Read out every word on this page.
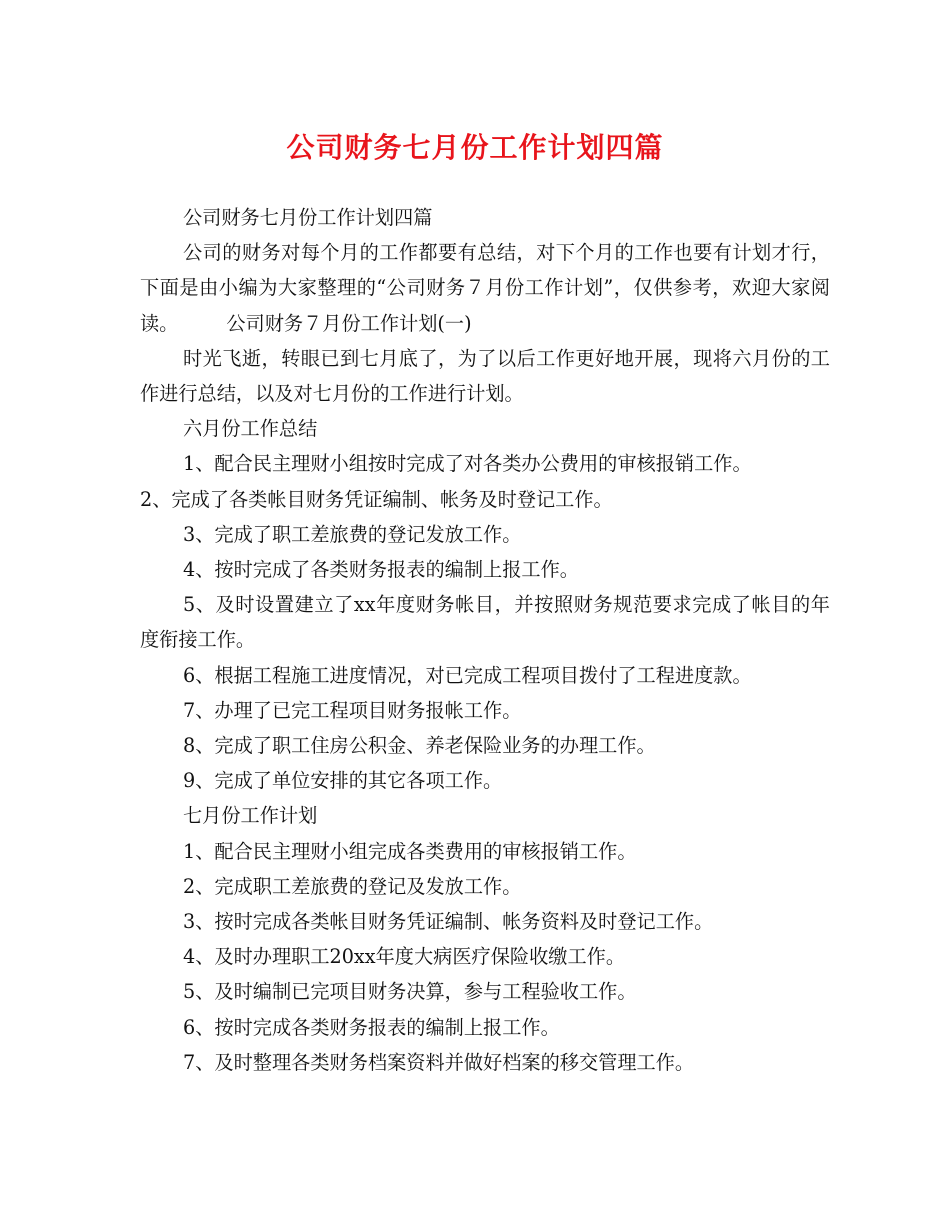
公司财务七月份工作计划四篇

公司财务七月份工作计划四篇

公司的财务对每个月的工作都要有总结，对下个月的工作也要有计划才行，下面是由小编为大家整理的“公司财务７月份工作计划”，仅供参考，欢迎大家阅读。	公司财务７月份工作计划(一)

时光飞逝，转眼已到七月底了，为了以后工作更好地开展，现将六月份的工作进行总结，以及对七月份的工作进行计划。

六月份工作总结

1、配合民主理财小组按时完成了对各类办公费用的审核报销工作。

2、完成了各类帐目财务凭证编制、帐务及时登记工作。

3、完成了职工差旅费的登记发放工作。

4、按时完成了各类财务报表的编制上报工作。

5、及时设置建立了xx年度财务帐目，并按照财务规范要求完成了帐目的年度衔接工作。

6、根据工程施工进度情况，对已完成工程项目拨付了工程进度款。

7、办理了已完工程项目财务报帐工作。

8、完成了职工住房公积金、养老保险业务的办理工作。

9、完成了单位安排的其它各项工作。

七月份工作计划

1、配合民主理财小组完成各类费用的审核报销工作。

2、完成职工差旅费的登记及发放工作。

3、按时完成各类帐目财务凭证编制、帐务资料及时登记工作。

4、及时办理职工20xx年度大病医疗保险收缴工作。

5、及时编制已完项目财务决算，参与工程验收工作。

6、按时完成各类财务报表的编制上报工作。

7、及时整理各类财务档案资料并做好档案的移交管理工作。
